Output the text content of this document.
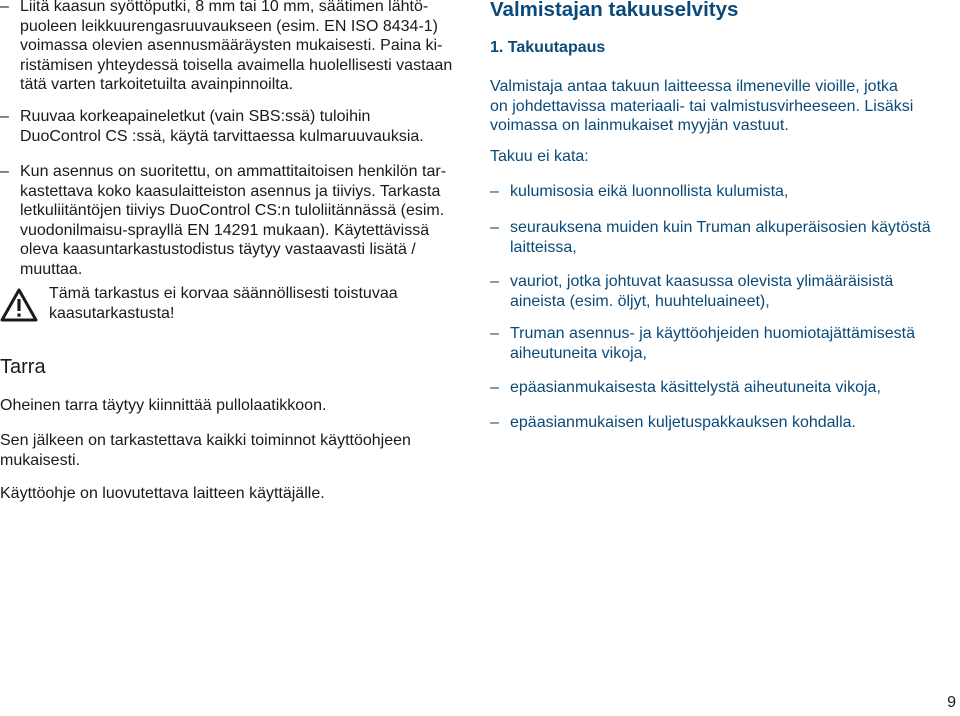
– Liitä kaasun syöttöputki, 8 mm tai 10 mm, säätimen lähtö-
puoleen leikkuurengasruuvaukseen (esim. EN ISO 8434-1)
voimassa olevien asennusmääräysten mukaisesti. Paina ki-
ristämisen yhteydessä toisella avaimella huolellisesti vastaan
tätä varten tarkoitetuilta avainpinnoilta.
– Ruuvaa korkeapaineletkut (vain SBS:ssä) tuloihin
DuoControl CS :ssä, käytä tarvittaessa kulmaruuvauksia.
– Kun asennus on suoritettu, on ammattitaitoisen henkilön tar-
kastettava koko kaasulaitteiston asennus ja tiiviys. Tarkasta
letkuliitäntöjen tiiviys DuoControl CS:n tuloliitännässä (esim.
vuodonilmaisu-sprayllä EN 14291 mukaan). Käytettävissä
oleva kaasuntarkastustodistus täytyy vastaavasti lisätä /
muuttaa.
Tämä tarkastus ei korvaa säännöllisesti toistuvaa
kaasutarkastusta!
Tarra

Oheinen tarra täytyy kiinnittää pullolaatikkoon.

Sen jälkeen on tarkastettava kaikki toiminnot käyttöohjeen
mukaisesti.

Käyttöohje on luovutettava laitteen käyttäjälle.

Valmistajan takuuselvitys
1. Takuutapaus

Valmistaja antaa takuun laitteessa ilmeneville vioille, jotka
on johdettavissa materiaali- tai valmistusvirheeseen. Lisäksi
voimassa on lainmukaiset myyjän vastuut.

Takuu ei kata:

– kulumisosia eikä luonnollista kulumista,
– seurauksena muiden kuin Truman alkuperäisosien käytöstä
laitteissa,
– vauriot, jotka johtuvat kaasussa olevista ylimääräisistä
aineista (esim. öljyt, huuhteluaineet),
– Truman asennus- ja käyttöohjeiden huomiotajättämisestä
aiheutuneita vikoja,
– epäasianmukaisesta käsittelystä aiheutuneita vikoja,
– epäasianmukaisen kuljetuspakkauksen kohdalla.
9
